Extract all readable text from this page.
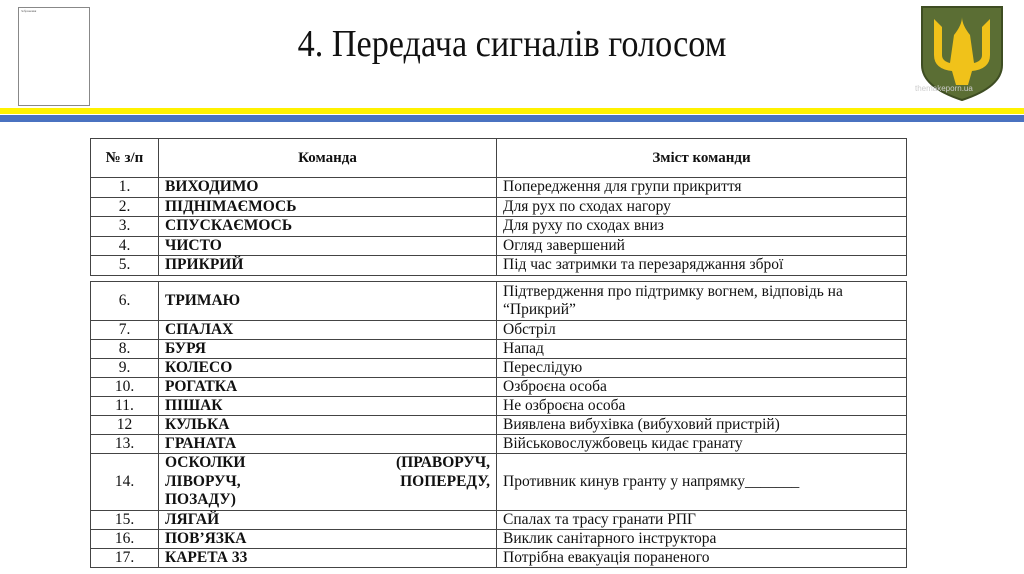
Зображення
4. Передача сигналів голосом
themakeporn.ua
№ з/п	Команда	Зміст команди
1.	ВИХОДИМО	Попередження для групи прикриття
2.	ПІДНІМАЄМОСЬ	Для рух по сходах нагору
3.	СПУСКАЄМОСЬ	Для руху по сходах вниз
4.	ЧИСТО	Огляд завершений
5.	ПРИКРИЙ	Під час затримки та перезаряджання зброї
6.	ТРИМАЮ	Підтвердження про підтримку вогнем, відповідь на “Прикрий”
7.	СПАЛАХ	Обстріл
8.	БУРЯ	Напад
9.	КОЛЕСО	Переслідую
10.	РОГАТКА	Озброєна особа
11.	ПІШАК	Не озброєна особа
12	КУЛЬКА	Виявлена вибухівка (вибуховий пристрій)
13.	ГРАНАТА	Військовослужбовець кидає гранату
14.	ОСКОЛКИ (ПРАВОРУЧ,
ЛІВОРУЧ, ПОПЕРЕДУ,
ПОЗАДУ)	Противник кинув гранту у напрямку_______
15.	ЛЯГАЙ	Спалах та трасу гранати РПГ
16.	ПОВ’ЯЗКА	Виклик санітарного інструктора
17.	КАРЕТА 33	Потрібна евакуація пораненого
